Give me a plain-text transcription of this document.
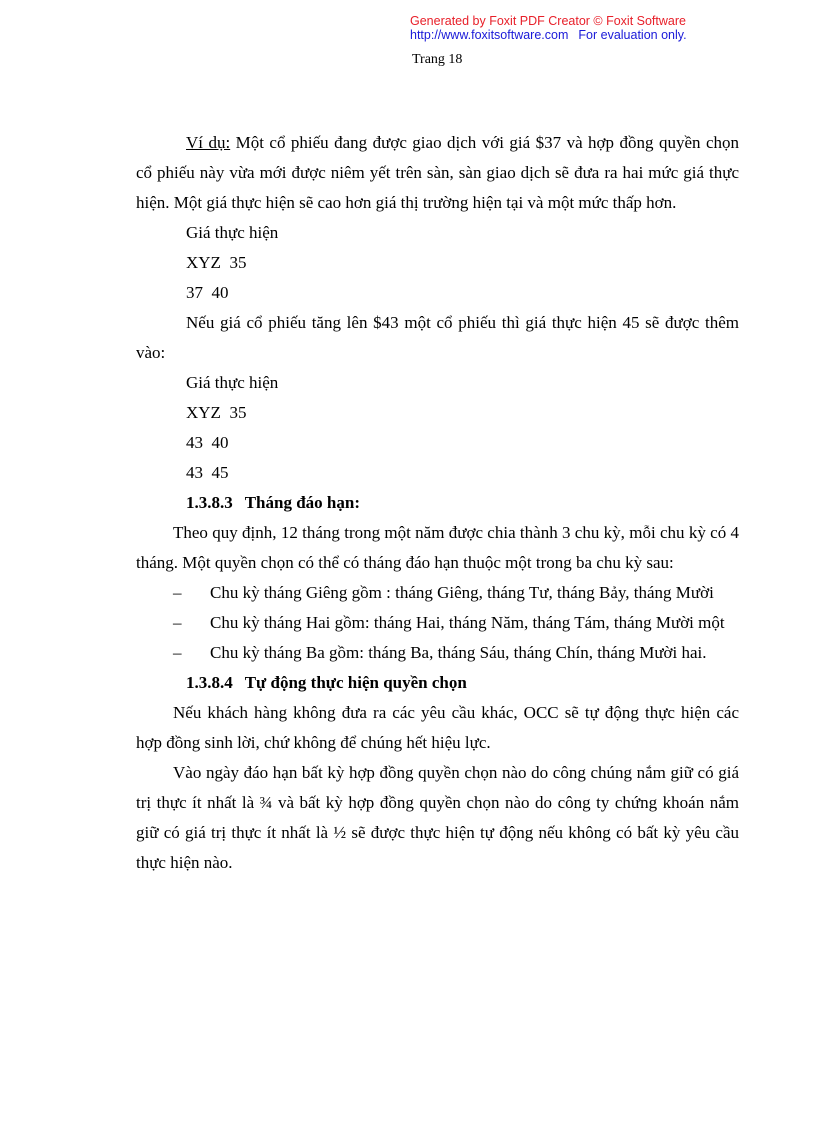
Generated by Foxit PDF Creator © Foxit Software
http://www.foxitsoftware.com For evaluation only.
Trang 18

Ví dụ: Một cổ phiếu đang được giao dịch với giá $37 và hợp đồng quyền chọn cổ phiếu này vừa mới được niêm yết trên sàn, sàn giao dịch sẽ đưa ra hai mức giá thực hiện. Một giá thực hiện sẽ cao hơn giá thị trường hiện tại và một mức thấp hơn.

Giá thực hiện

XYZ  35

37  40

Nếu giá cổ phiếu tăng lên $43 một cổ phiếu thì giá thực hiện 45 sẽ được thêm vào:

Giá thực hiện

XYZ  35

43  40

43  45

1.3.8.3 Tháng đáo hạn:

Theo quy định, 12 tháng trong một năm được chia thành 3 chu kỳ, mỗi chu kỳ có 4 tháng. Một quyền chọn có thể có tháng đáo hạn thuộc một trong ba chu kỳ sau:

– Chu kỳ tháng Giêng gồm : tháng Giêng, tháng Tư, tháng Bảy, tháng Mười
– Chu kỳ tháng Hai gồm: tháng Hai, tháng Năm, tháng Tám, tháng Mười một
– Chu kỳ tháng Ba gồm: tháng Ba, tháng Sáu, tháng Chín, tháng Mười hai.

1.3.8.4 Tự động thực hiện quyền chọn

Nếu khách hàng không đưa ra các yêu cầu khác, OCC sẽ tự động thực hiện các hợp đồng sinh lời, chứ không để chúng hết hiệu lực.

Vào ngày đáo hạn bất kỳ hợp đồng quyền chọn nào do công chúng nắm giữ có giá trị thực ít nhất là ¾ và bất kỳ hợp đồng quyền chọn nào do công ty chứng khoán nắm giữ có giá trị thực ít nhất là ½ sẽ được thực hiện tự động nếu không có bất kỳ yêu cầu thực hiện nào.
